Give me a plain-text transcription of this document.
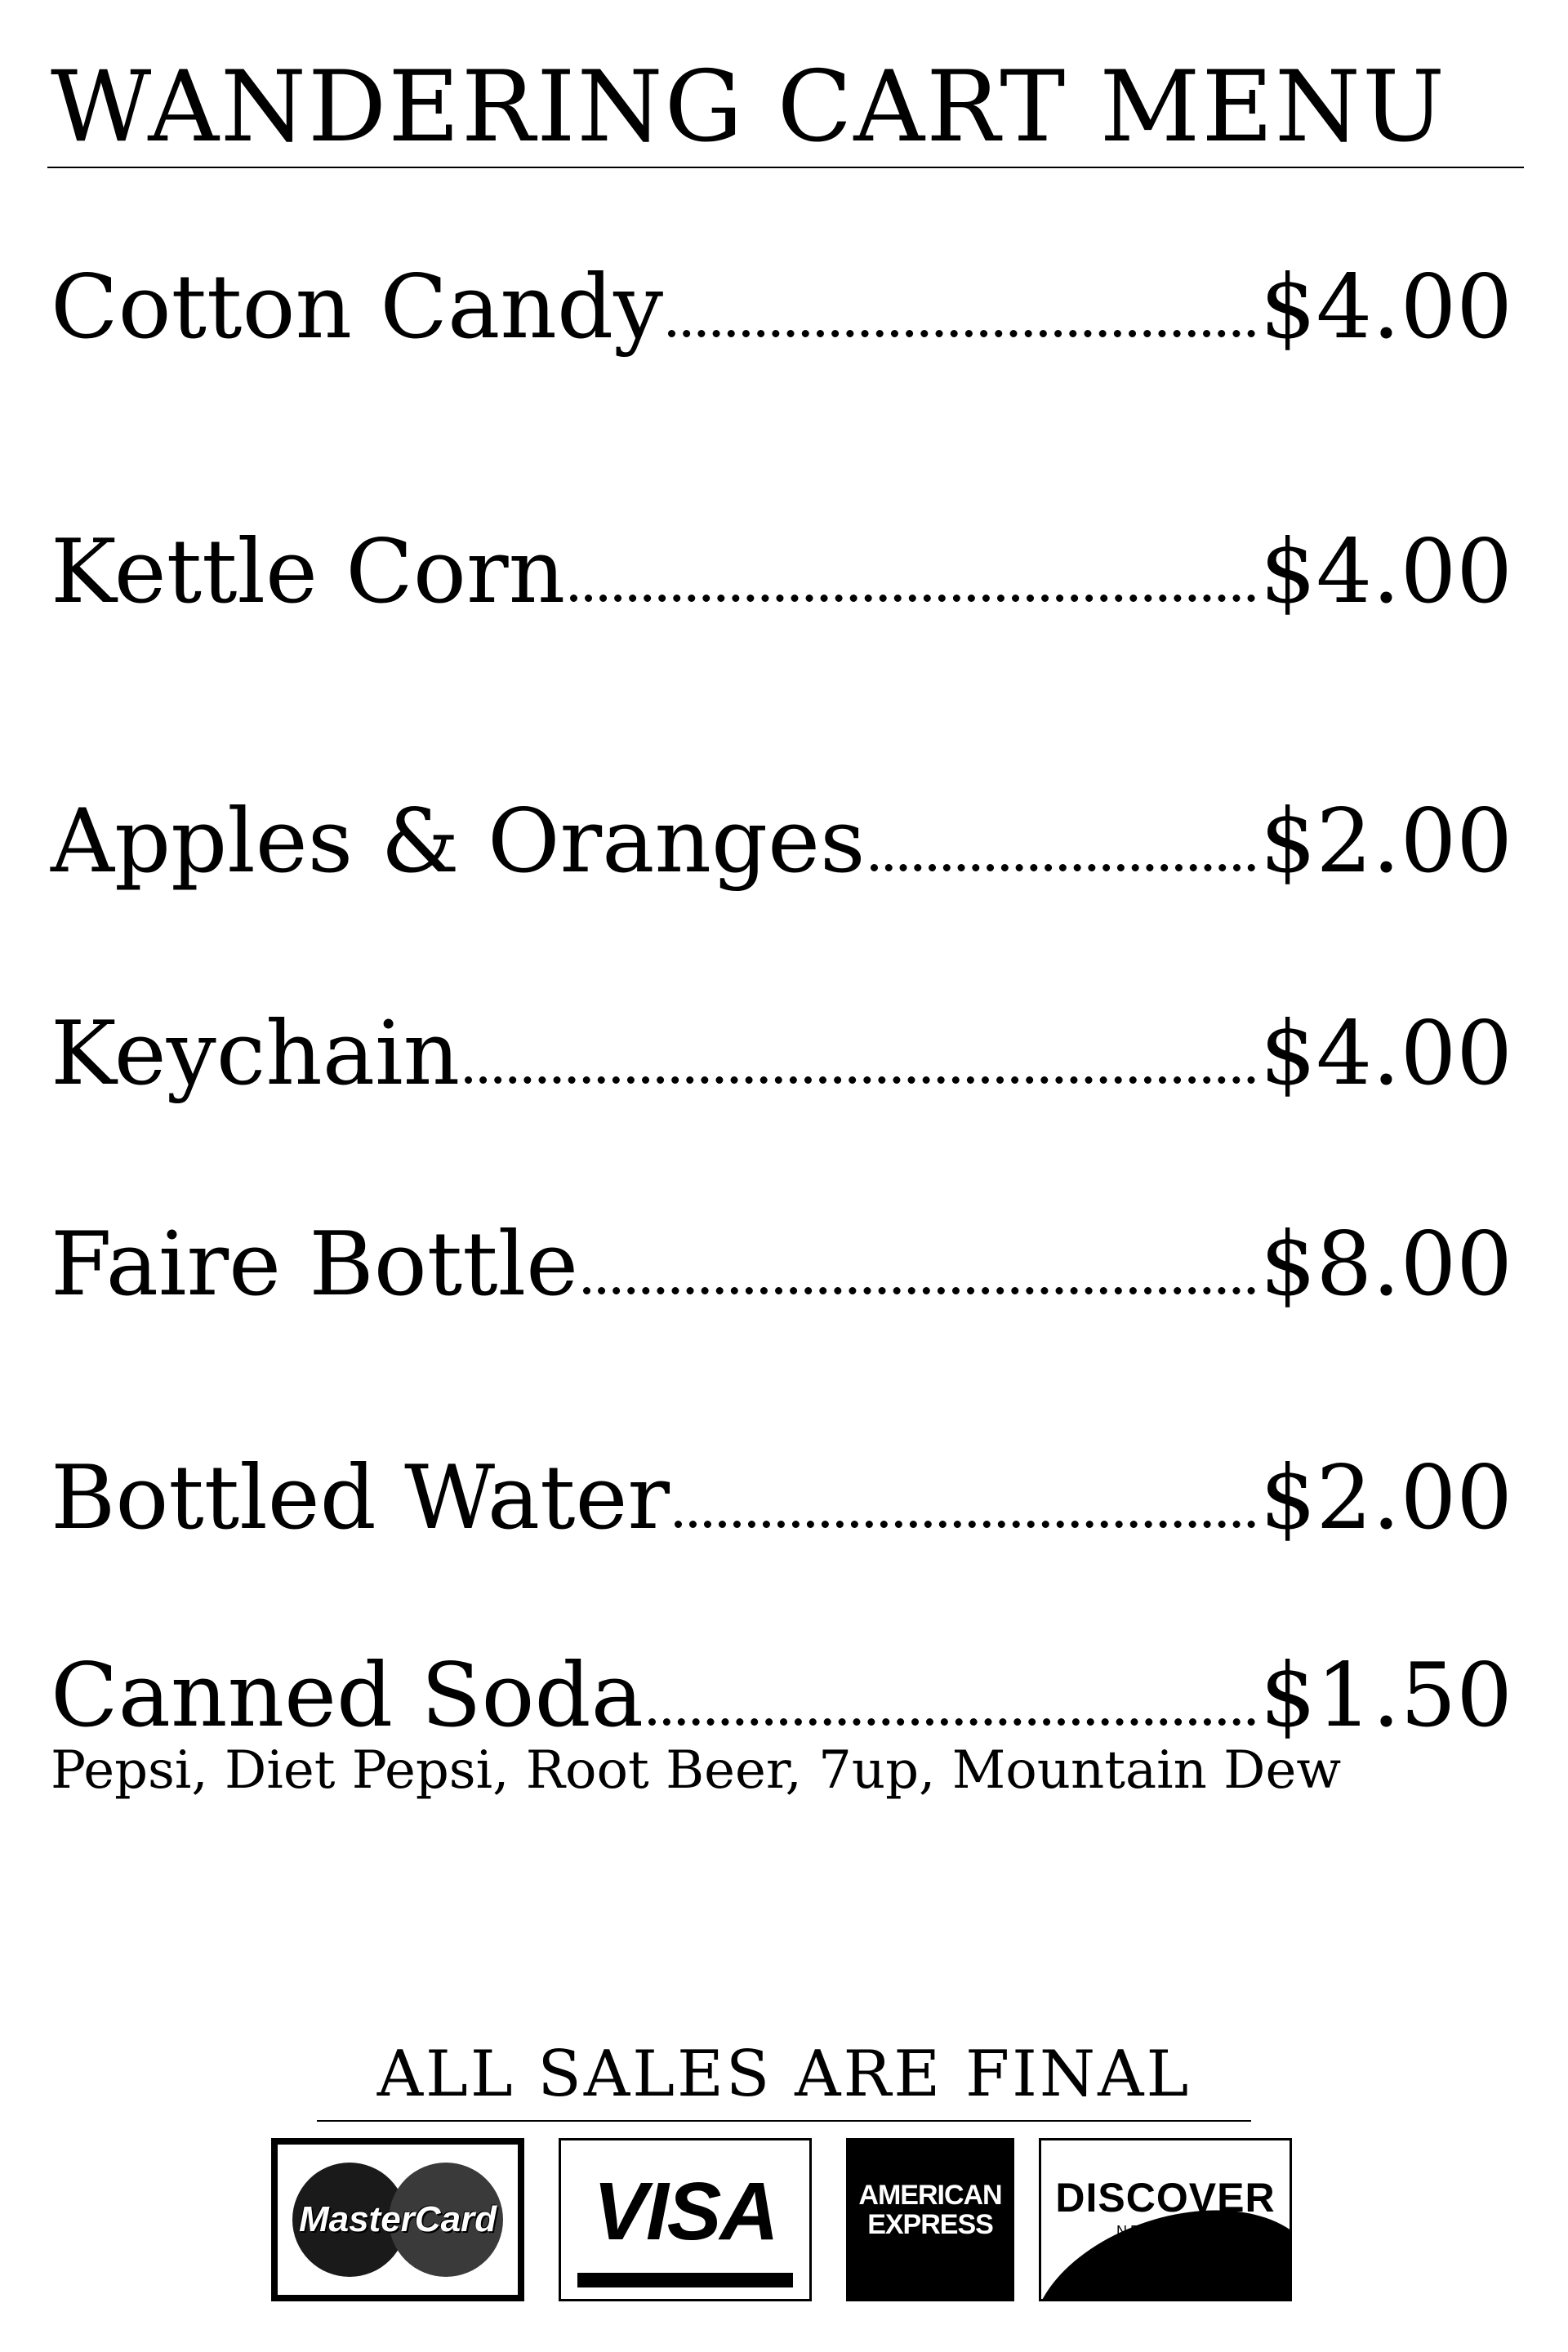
WANDERING CART MENU
Cotton Candy	$4.00
Kettle Corn	$4.00
Apples & Oranges	$2.00
Keychain	$4.00
Faire Bottle	$8.00
Bottled Water	$2.00
Canned Soda	$1.50
Pepsi, Diet Pepsi, Root Beer, 7up, Mountain Dew
ALL SALES ARE FINAL
MasterCard	VISA	AMERICAN
EXPRESS
DISCOVER
NETWORK
